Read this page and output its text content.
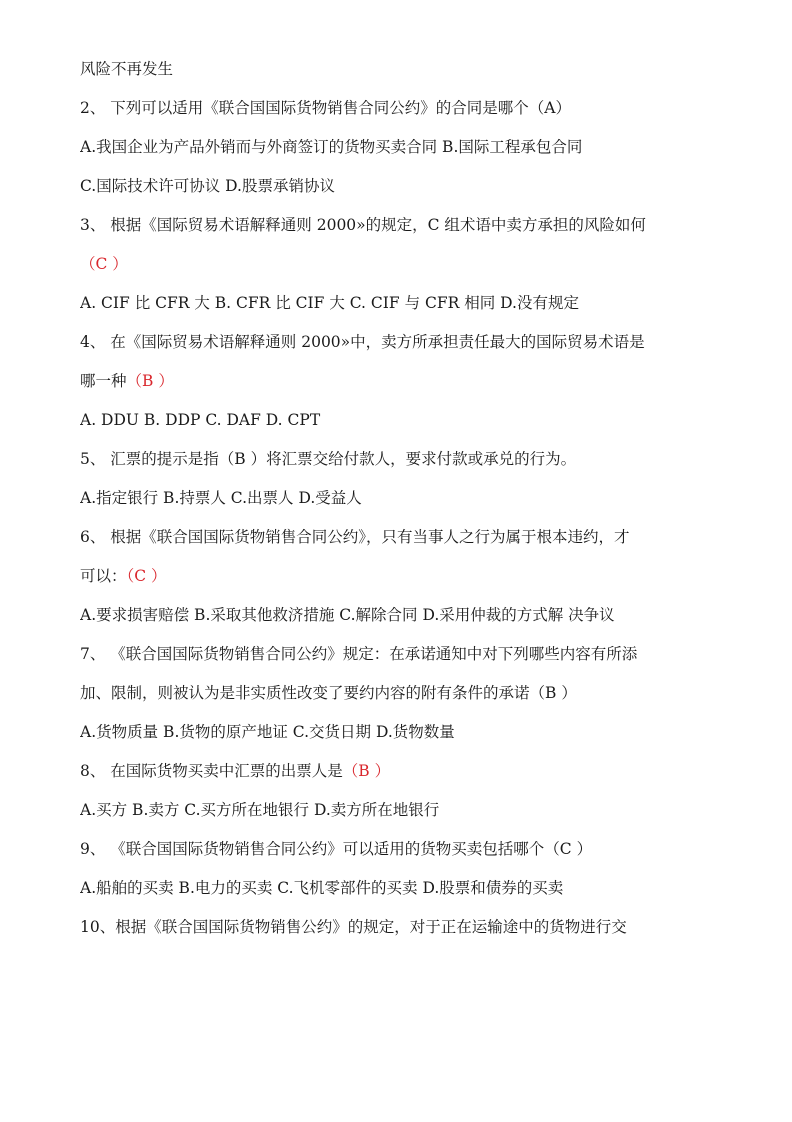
风险不再发生
2、 下列可以适用《联合国国际货物销售合同公约》的合同是哪个（A）
A.我国企业为产品外销而与外商签订的货物买卖合同 B.国际工程承包合同
C.国际技术许可协议 D.股票承销协议
3、 根据《国际贸易术语解释通则 2000»的规定，C 组术语中卖方承担的风险如何
（C ）
A. CIF 比 CFR 大 B. CFR 比 CIF 大 C. CIF 与 CFR 相同 D.没有规定
4、 在《国际贸易术语解释通则 2000»中，卖方所承担责任最大的国际贸易术语是
哪一种（B ）
A. DDU B. DDP C. DAF D. CPT
5、 汇票的提示是指（B ）将汇票交给付款人，要求付款或承兑的行为。
A.指定银行 B.持票人 C.出票人 D.受益人
6、 根据《联合国国际货物销售合同公约》，只有当事人之行为属于根本违约，才
可以：（C ）
A.要求损害赔偿 B.采取其他救济措施 C.解除合同 D.采用仲裁的方式解 决争议
7、 《联合国国际货物销售合同公约》规定：在承诺通知中对下列哪些内容有所添
加、限制，则被认为是非实质性改变了要约内容的附有条件的承诺（B ）
A.货物质量 B.货物的原产地证 C.交货日期 D.货物数量
8、 在国际货物买卖中汇票的出票人是（B ）
A.买方 B.卖方 C.买方所在地银行 D.卖方所在地银行
9、 《联合国国际货物销售合同公约》可以适用的货物买卖包括哪个（C ）
A.船舶的买卖 B.电力的买卖 C.飞机零部件的买卖 D.股票和债券的买卖
10、根据《联合国国际货物销售公约》的规定，对于正在运输途中的货物进行交
